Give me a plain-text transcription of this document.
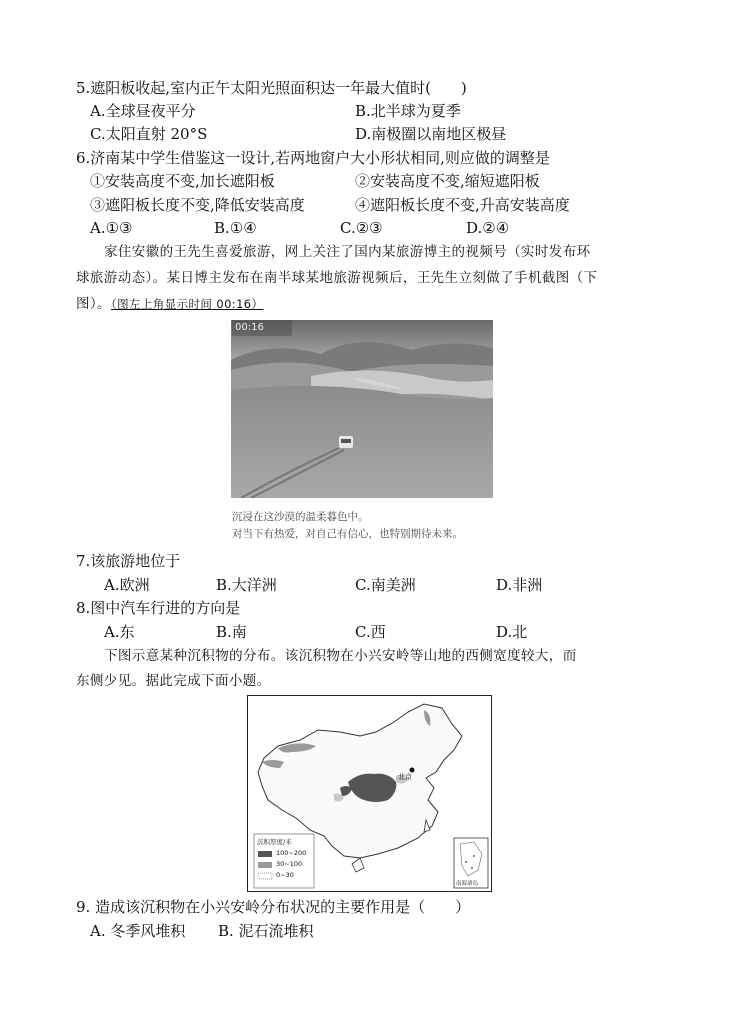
5.遮阳板收起,室内正午太阳光照面积达一年最大值时(　　)
A.全球昼夜平分	B.北半球为夏季
C.太阳直射 20°S	D.南极圈以南地区极昼
6.济南某中学生借鉴这一设计,若两地窗户大小形状相同,则应做的调整是
①安装高度不变,加长遮阳板	②安装高度不变,缩短遮阳板
③遮阳板长度不变,降低安装高度	④遮阳板长度不变,升高安装高度
A.①③	B.①④	C.②③	D.②④
家住安徽的王先生喜爱旅游，网上关注了国内某旅游博主的视频号（实时发布环
球旅游动态）。某日博主发布在南半球某地旅游视频后，王先生立刻做了手机截图（下
图）。（图左上角显示时间 00:16）
00:16
沉浸在这沙漠的温柔暮色中。
对当下有热爱，对自己有信心，也特别期待未来。
7.该旅游地位于
A.欧洲	B.大洋洲	C.南美洲	D.非洲
8.图中汽车行进的方向是
A.东	B.南	C.西	D.北
下图示意某种沉积物的分布。该沉积物在小兴安岭等山地的西侧宽度较大，而
东侧少见。据此完成下面小题。
北京
沉积厚度/米
100~200
30~100
0~30
南海诸岛
9. 造成该沉积物在小兴安岭分布状况的主要作用是（　　）
A. 冬季风堆积 B. 泥石流堆积
